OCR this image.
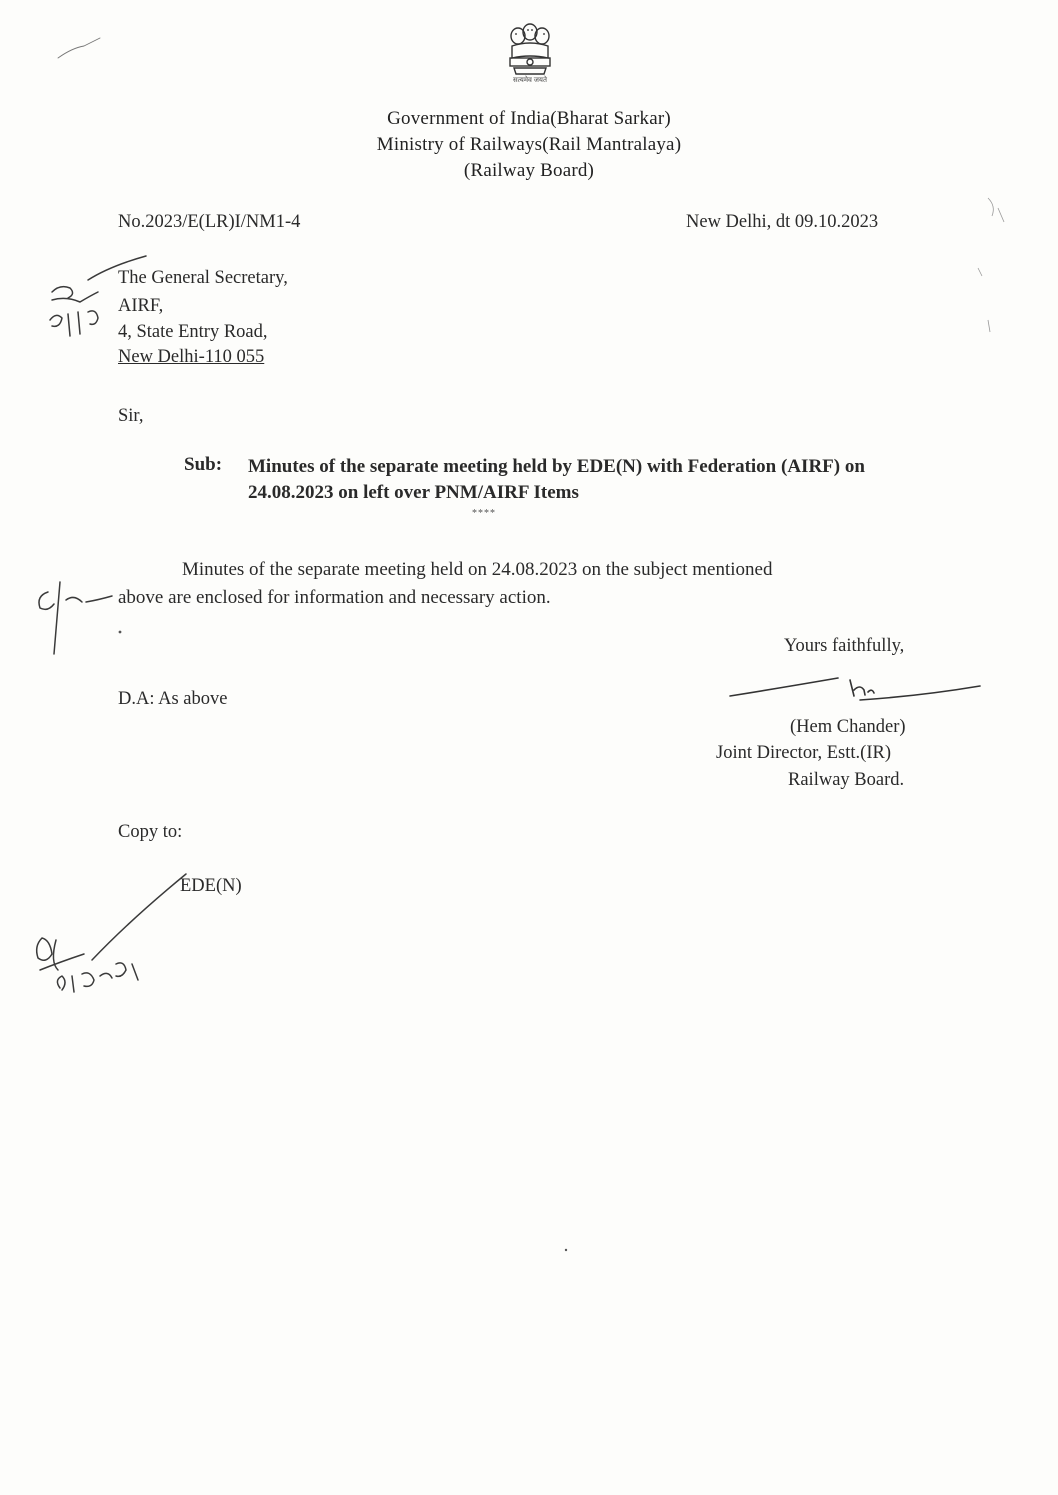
सत्यमेव जयते
Government of India(Bharat Sarkar)
Ministry of Railways(Rail Mantralaya)
(Railway Board)
No.2023/E(LR)I/NM1-4	New Delhi, dt 09.10.2023
The General Secretary,
AIRF,
4, State Entry Road,
New Delhi-110 055
Sir,
Sub: Minutes of the separate meeting held by EDE(N) with Federation (AIRF) on 24.08.2023 on left over PNM/AIRF Items
****
Minutes of the separate meeting held on 24.08.2023 on the subject mentioned
above are enclosed for information and necessary action.
Yours faithfully,
(Hem Chander)
Joint Director, Estt.(IR)
Railway Board.
D.A: As above
Copy to:
EDE(N)
